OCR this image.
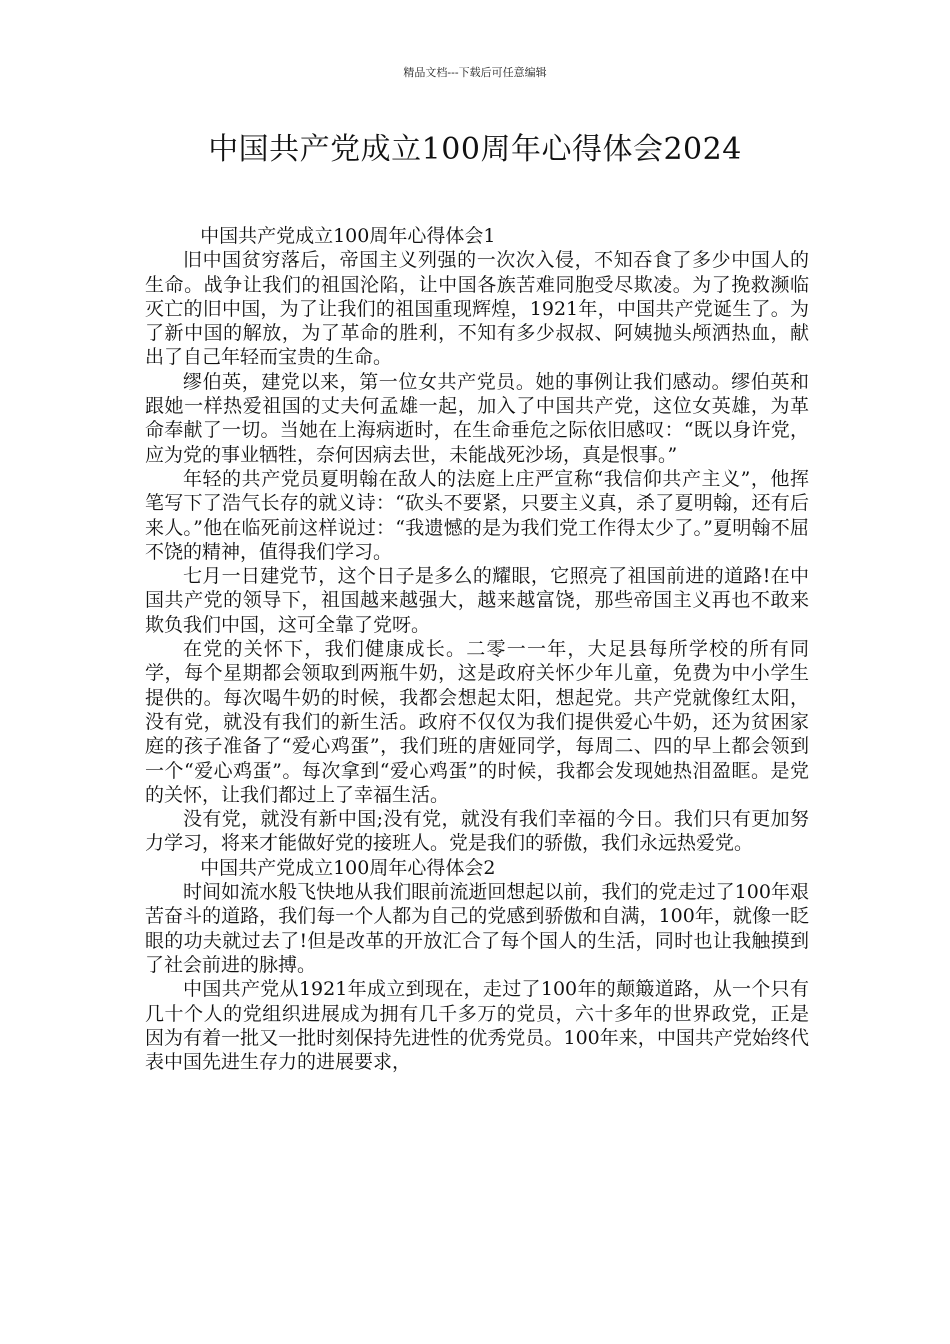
精品文档---下载后可任意编辑
中国共产党成立100周年心得体会2024

中国共产党成立100周年心得体会1

旧中国贫穷落后，帝国主义列强的一次次入侵，不知吞食了多少中国人的生命。战争让我们的祖国沦陷，让中国各族苦难同胞受尽欺凌。为了挽救濒临灭亡的旧中国，为了让我们的祖国重现辉煌，1921年，中国共产党诞生了。为了新中国的解放，为了革命的胜利，不知有多少叔叔、阿姨抛头颅洒热血，献出了自己年轻而宝贵的生命。

缪伯英，建党以来，第一位女共产党员。她的事例让我们感动。缪伯英和跟她一样热爱祖国的丈夫何孟雄一起，加入了中国共产党，这位女英雄，为革命奉献了一切。当她在上海病逝时，在生命垂危之际依旧感叹：“既以身许党，应为党的事业牺牲，奈何因病去世，未能战死沙场，真是恨事。”

年轻的共产党员夏明翰在敌人的法庭上庄严宣称“我信仰共产主义”，他挥笔写下了浩气长存的就义诗：“砍头不要紧，只要主义真，杀了夏明翰，还有后来人。”他在临死前这样说过：“我遗憾的是为我们党工作得太少了。”夏明翰不屈不饶的精神，值得我们学习。

七月一日建党节，这个日子是多么的耀眼，它照亮了祖国前进的道路!在中国共产党的领导下，祖国越来越强大，越来越富饶，那些帝国主义再也不敢来欺负我们中国，这可全靠了党呀。

在党的关怀下，我们健康成长。二零一一年，大足县每所学校的所有同学，每个星期都会领取到两瓶牛奶，这是政府关怀少年儿童，免费为中小学生提供的。每次喝牛奶的时候，我都会想起太阳，想起党。共产党就像红太阳，没有党，就没有我们的新生活。政府不仅仅为我们提供爱心牛奶，还为贫困家庭的孩子准备了“爱心鸡蛋”，我们班的唐娅同学，每周二、四的早上都会领到一个“爱心鸡蛋”。每次拿到“爱心鸡蛋”的时候，我都会发现她热泪盈眶。是党的关怀，让我们都过上了幸福生活。

没有党，就没有新中国;没有党，就没有我们幸福的今日。我们只有更加努力学习，将来才能做好党的接班人。党是我们的骄傲，我们永远热爱党。

中国共产党成立100周年心得体会2

时间如流水般飞快地从我们眼前流逝回想起以前，我们的党走过了100年艰苦奋斗的道路，我们每一个人都为自己的党感到骄傲和自满，100年，就像一眨眼的功夫就过去了!但是改革的开放汇合了每个国人的生活，同时也让我触摸到了社会前进的脉搏。

中国共产党从1921年成立到现在，走过了100年的颠簸道路，从一个只有几十个人的党组织进展成为拥有几千多万的党员，六十多年的世界政党，正是因为有着一批又一批时刻保持先进性的优秀党员。100年来，中国共产党始终代表中国先进生存力的进展要求，
